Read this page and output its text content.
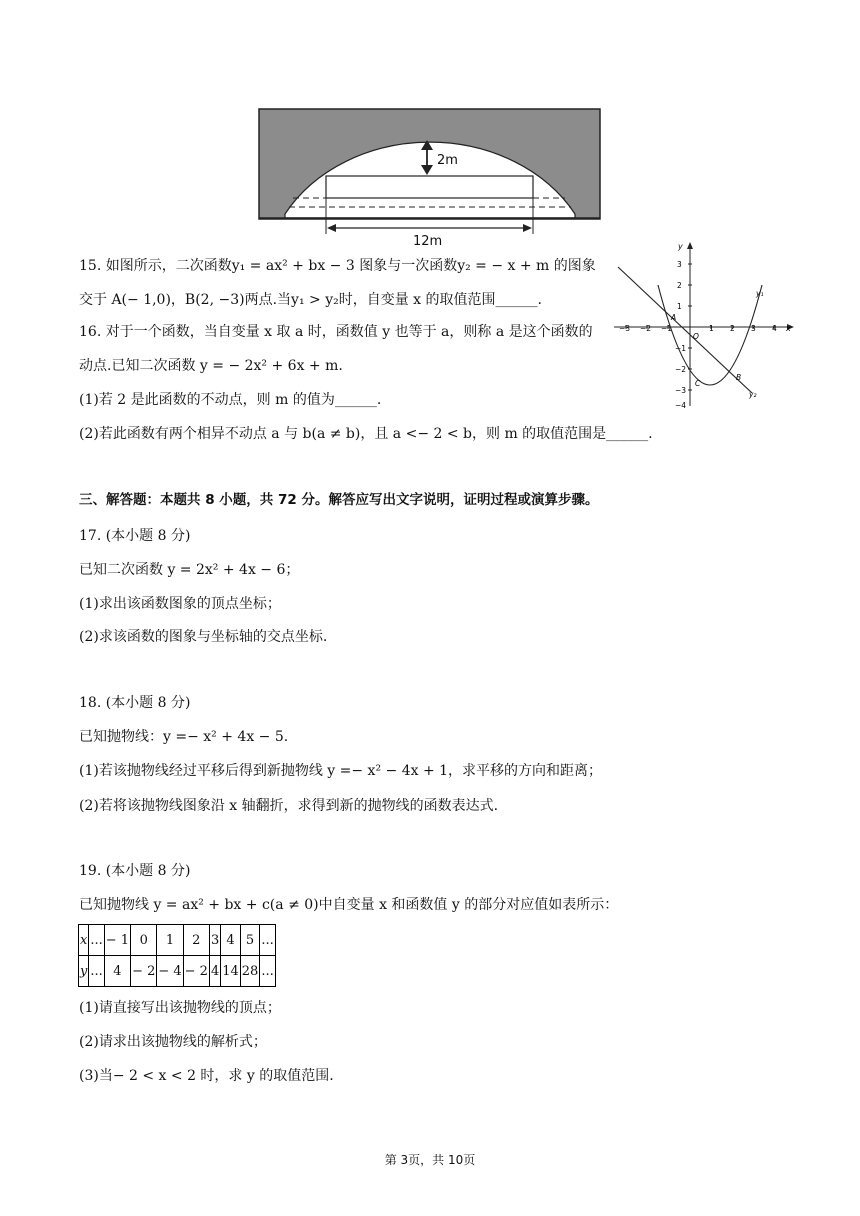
2m
12m
x
y
−3 −2 −1	1 2 3 4
3
2
1
−1
−2
−3
−4
O
A
B
C
y₁
y₂
15. 如图所示，二次函数y₁ = ax² + bx − 3 图象与一次函数y₂ = − x + m 的图象
交于 A(− 1,0)，B(2, −3)两点.当y₁ > y₂时，自变量 x 的取值范围______.
16. 对于一个函数，当自变量 x 取 a 时，函数值 y 也等于 a，则称 a 是这个函数的
动点.已知二次函数 y = − 2x² + 6x + m.
(1)若 2 是此函数的不动点，则 m 的值为______.
(2)若此函数有两个相异不动点 a 与 b(a ≠ b)，且 a <− 2 < b，则 m 的取值范围是______.
三、解答题：本题共 8 小题，共 72 分。解答应写出文字说明，证明过程或演算步骤。
17. (本小题 8 分)
已知二次函数 y = 2x² + 4x − 6；
(1)求出该函数图象的顶点坐标；
(2)求该函数的图象与坐标轴的交点坐标.
18. (本小题 8 分)
已知抛物线：y =− x² + 4x − 5.
(1)若该抛物线经过平移后得到新抛物线 y =− x² − 4x + 1，求平移的方向和距离；
(2)若将该抛物线图象沿 x 轴翻折，求得到新的抛物线的函数表达式.
19. (本小题 8 分)
已知抛物线 y = ax² + bx + c(a ≠ 0)中自变量 x 和函数值 y 的部分对应值如表所示：
x	...	− 1	0	1	2	3	4	5	...
y	...	4	− 2	− 4	− 2	4	14	28	...
(1)请直接写出该抛物线的顶点；
(2)请求出该抛物线的解析式；
(3)当− 2 < x < 2 时，求 y 的取值范围.
第 3页，共 10页
